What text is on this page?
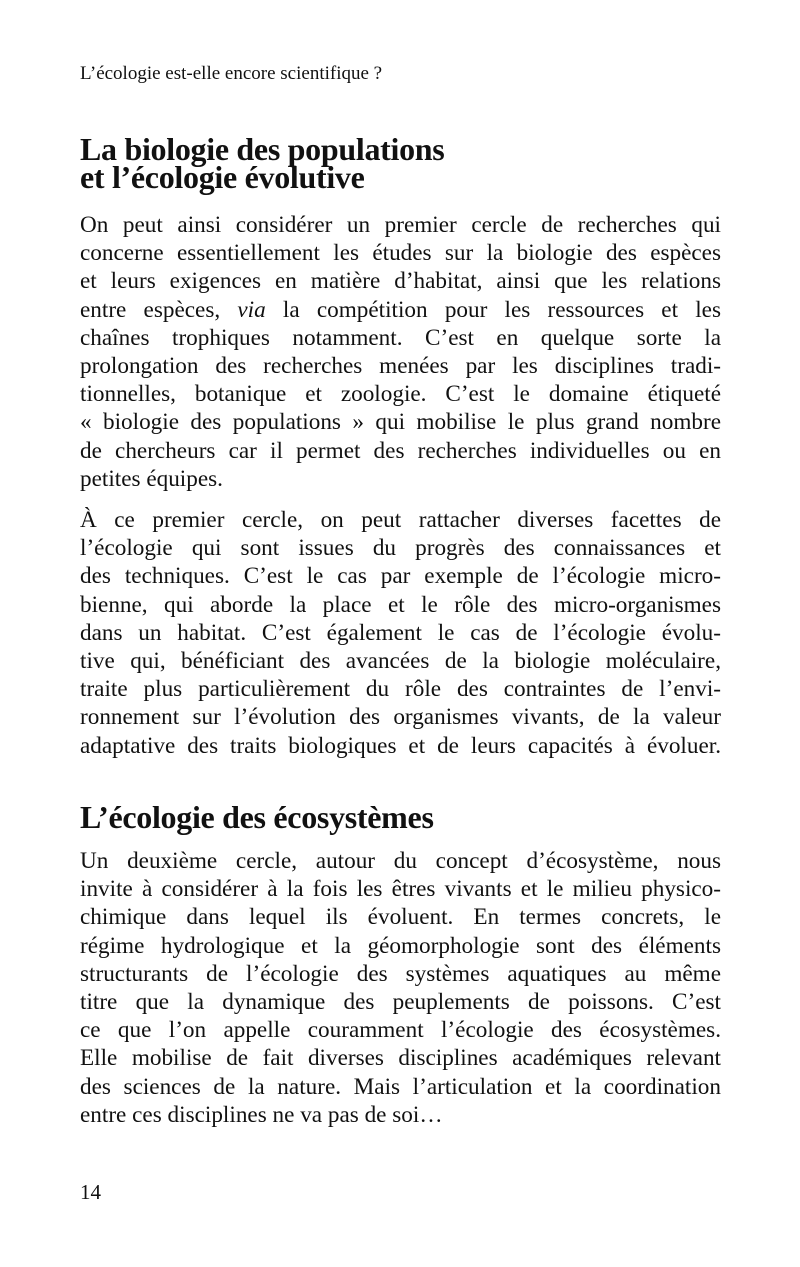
L’écologie est-elle encore scientifique ?
La biologie des populations
et l’écologie évolutive

On peut ainsi considérer un premier cercle de recherches qui
concerne essentiellement les études sur la biologie des espèces
et leurs exigences en matière d’habitat, ainsi que les relations
entre espèces, via la compétition pour les ressources et les
chaînes trophiques notamment. C’est en quelque sorte la
prolongation des recherches menées par les disciplines tradi-
tionnelles, botanique et zoologie. C’est le domaine étiqueté
« biologie des populations » qui mobilise le plus grand nombre
de chercheurs car il permet des recherches individuelles ou en
petites équipes.

À ce premier cercle, on peut rattacher diverses facettes de
l’écologie qui sont issues du progrès des connaissances et
des techniques. C’est le cas par exemple de l’écologie micro-
bienne, qui aborde la place et le rôle des micro-organismes
dans un habitat. C’est également le cas de l’écologie évolu-
tive qui, bénéficiant des avancées de la biologie moléculaire,
traite plus particulièrement du rôle des contraintes de l’envi-
ronnement sur l’évolution des organismes vivants, de la valeur
adaptative des traits biologiques et de leurs capacités à évoluer.

L’écologie des écosystèmes

Un deuxième cercle, autour du concept d’écosystème, nous
invite à considérer à la fois les êtres vivants et le milieu physico-
chimique dans lequel ils évoluent. En termes concrets, le
régime hydrologique et la géomorphologie sont des éléments
structurants de l’écologie des systèmes aquatiques au même
titre que la dynamique des peuplements de poissons. C’est
ce que l’on appelle couramment l’écologie des écosystèmes.
Elle mobilise de fait diverses disciplines académiques relevant
des sciences de la nature. Mais l’articulation et la coordination
entre ces disciplines ne va pas de soi…

14
